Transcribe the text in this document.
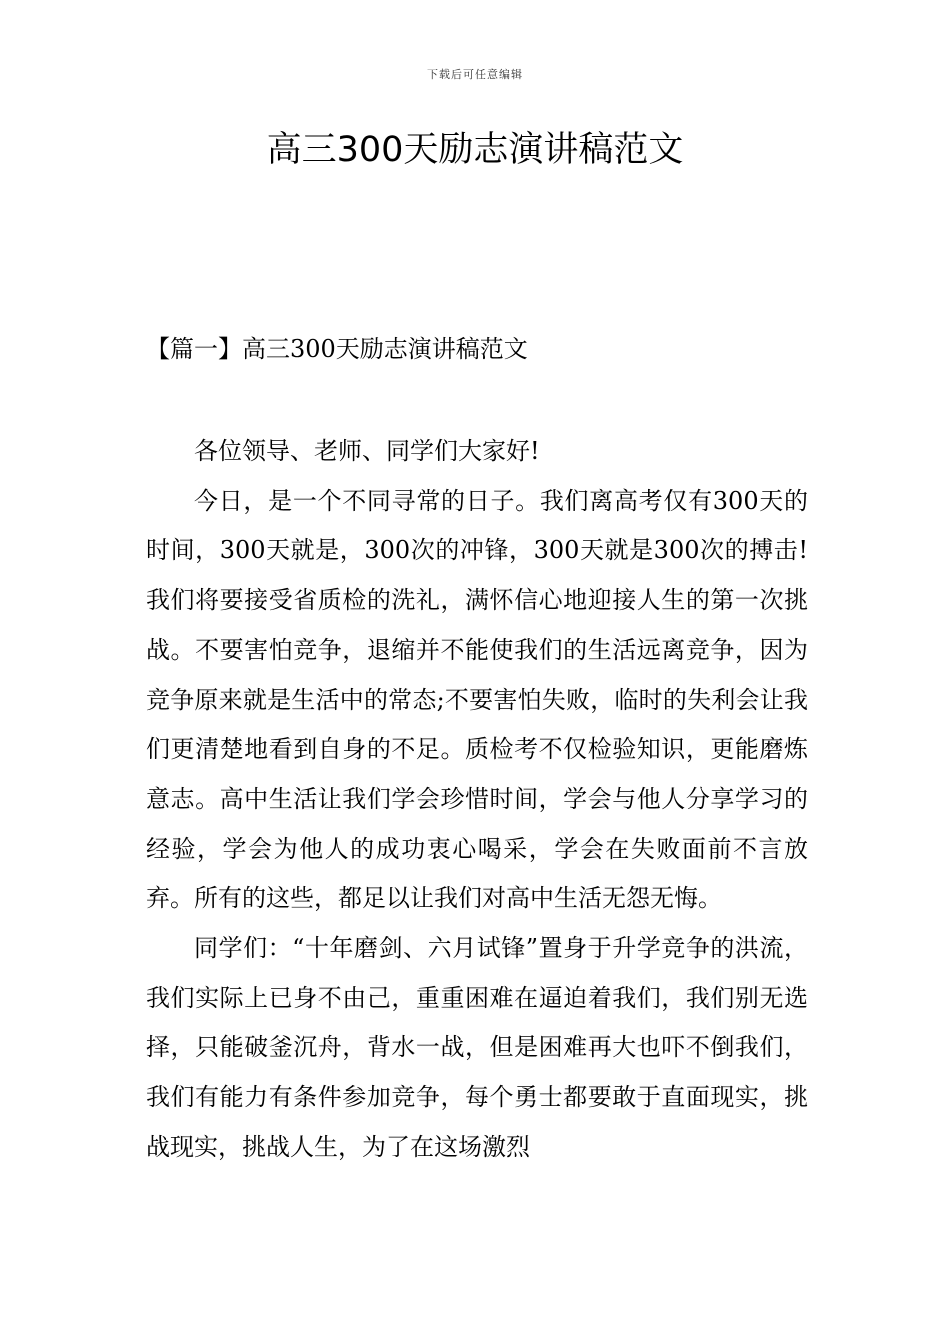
下载后可任意编辑
高三300天励志演讲稿范文
【篇一】高三300天励志演讲稿范文

各位领导、老师、同学们大家好!

今日，是一个不同寻常的日子。我们离高考仅有300天的时间，300天就是，300次的冲锋，300天就是300次的搏击!我们将要接受省质检的洗礼，满怀信心地迎接人生的第一次挑战。不要害怕竞争，退缩并不能使我们的生活远离竞争，因为竞争原来就是生活中的常态;不要害怕失败，临时的失利会让我们更清楚地看到自身的不足。质检考不仅检验知识，更能磨炼意志。高中生活让我们学会珍惜时间，学会与他人分享学习的经验，学会为他人的成功衷心喝采，学会在失败面前不言放弃。所有的这些，都足以让我们对高中生活无怨无悔。

同学们：“十年磨剑、六月试锋”置身于升学竞争的洪流，我们实际上已身不由己，重重困难在逼迫着我们，我们别无选择，只能破釜沉舟，背水一战，但是困难再大也吓不倒我们，我们有能力有条件参加竞争，每个勇士都要敢于直面现实，挑战现实，挑战人生，为了在这场激烈
